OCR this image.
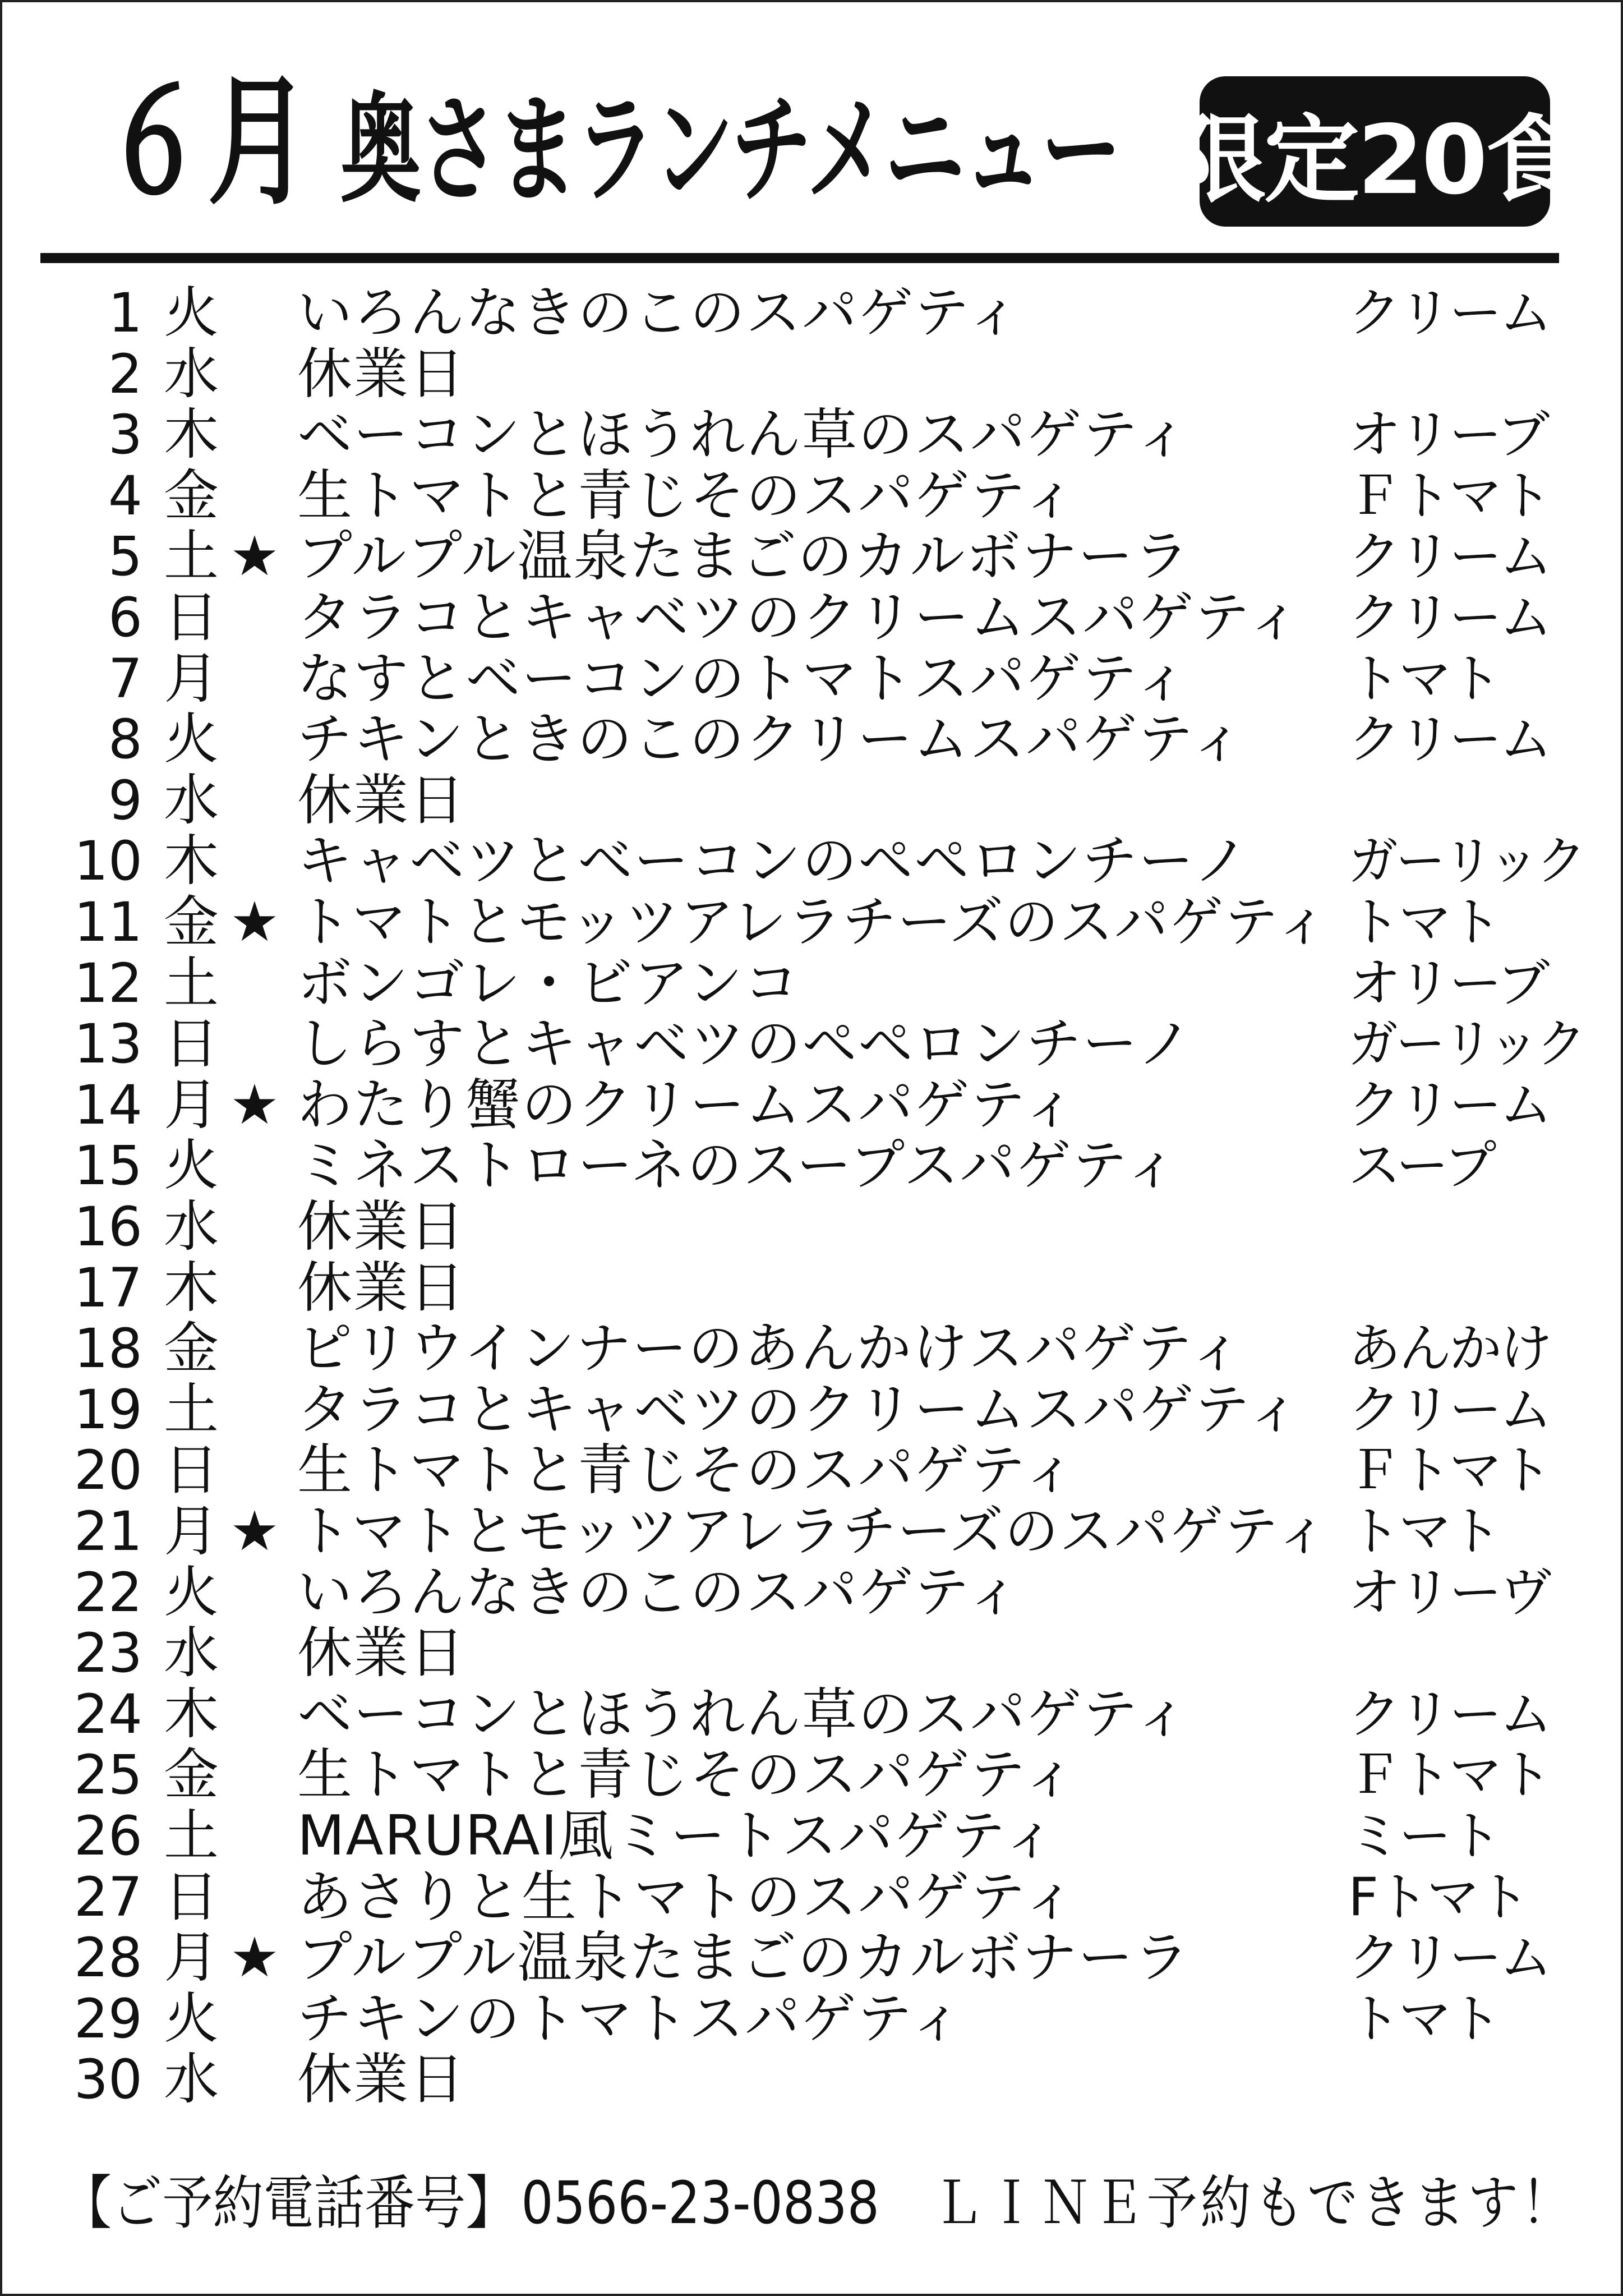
６月 奥さまランチメニュー 限定20食
1 火 いろんなきのこのスパゲティ	クリーム
2 水 休業日
3 木 ベーコンとほうれん草のスパゲティ	オリーブ
4 金 生トマトと青じそのスパゲティ	Ｆトマト
5 土 ★ プルプル温泉たまごのカルボナーラ	クリーム
6 日 タラコとキャベツのクリームスパゲティ クリーム
7 月 なすとベーコンのトマトスパゲティ	トマト
8 火 チキンときのこのクリームスパゲティ クリーム
9 水 休業日
10 木 キャベツとベーコンのペペロンチーノ ガーリック
11 金 ★ トマトとモッツアレラチーズのスパゲティ トマト
12 土 ボンゴレ・ビアンコ	オリーブ
13 日 しらすとキャベツのペペロンチーノ	ガーリック
14 月 ★ わたり蟹のクリームスパゲティ	クリーム
15 火 ミネストローネのスープスパゲティ	スープ
16 水 休業日
17 木 休業日
18 金 ピリウインナーのあんかけスパゲティ あんかけ
19 土 タラコとキャベツのクリームスパゲティ クリーム
20 日 生トマトと青じそのスパゲティ	Ｆトマト
21 月 ★ トマトとモッツアレラチーズのスパゲティ トマト
22 火 いろんなきのこのスパゲティ	オリーヴ
23 水 休業日
24 木 ベーコンとほうれん草のスパゲティ	クリーム
25 金 生トマトと青じそのスパゲティ	Ｆトマト
26 土 MARURAI風ミートスパゲティ	ミート
27 日 あさりと生トマトのスパゲティ	Fトマト
28 月 ★ プルプル温泉たまごのカルボナーラ	クリーム
29 火 チキンのトマトスパゲティ	トマト
30 水 休業日
【ご予約電話番号】0566-23-0838 ＬＩＮＥ予約もできます！
